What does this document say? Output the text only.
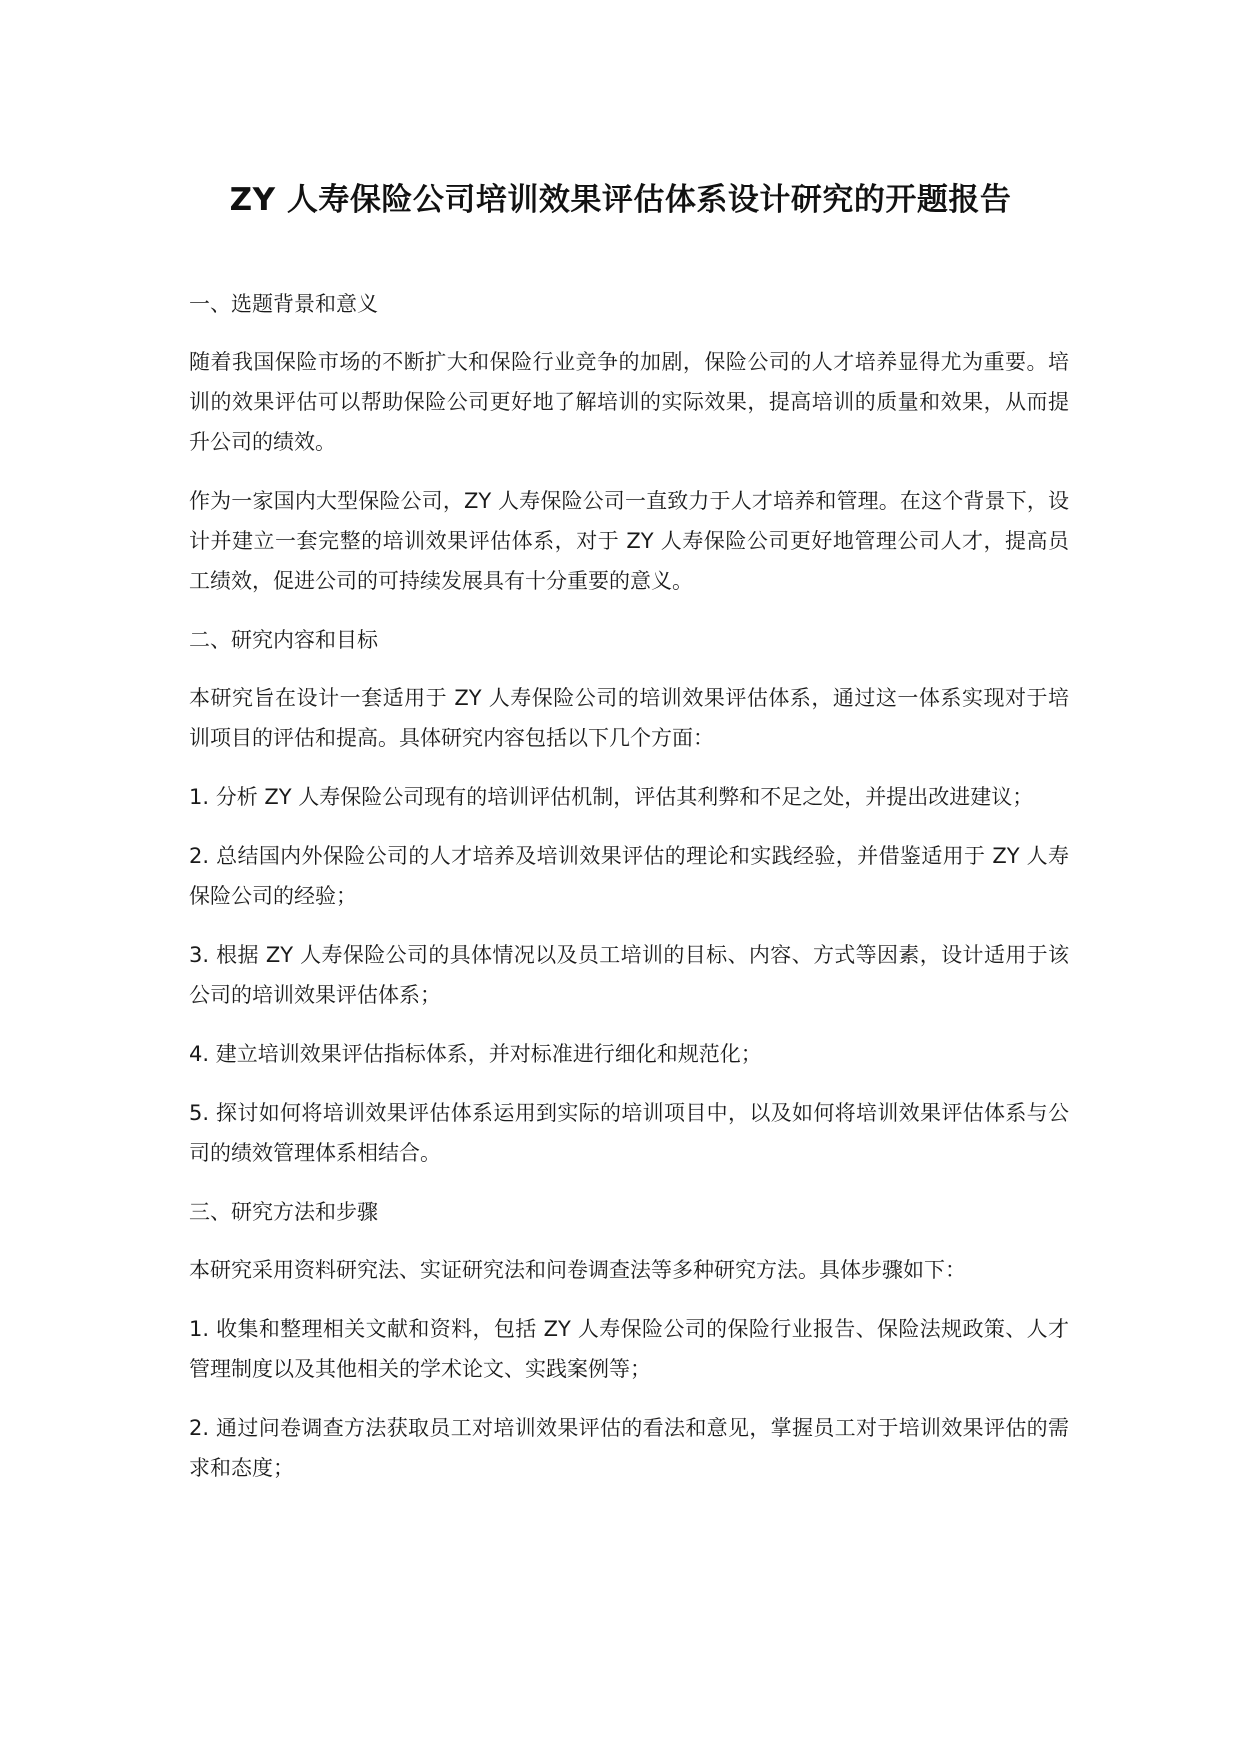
ZY 人寿保险公司培训效果评估体系设计研究的开题报告

一、选题背景和意义

随着我国保险市场的不断扩大和保险行业竞争的加剧，保险公司的人才培养显得尤为重要。培训的效果评估可以帮助保险公司更好地了解培训的实际效果，提高培训的质量和效果，从而提升公司的绩效。

作为一家国内大型保险公司，ZY 人寿保险公司一直致力于人才培养和管理。在这个背景下，设计并建立一套完整的培训效果评估体系，对于 ZY 人寿保险公司更好地管理公司人才，提高员工绩效，促进公司的可持续发展具有十分重要的意义。

二、研究内容和目标

本研究旨在设计一套适用于 ZY 人寿保险公司的培训效果评估体系，通过这一体系实现对于培训项目的评估和提高。具体研究内容包括以下几个方面：

1. 分析 ZY 人寿保险公司现有的培训评估机制，评估其利弊和不足之处，并提出改进建议；

2. 总结国内外保险公司的人才培养及培训效果评估的理论和实践经验，并借鉴适用于 ZY 人寿保险公司的经验；

3. 根据 ZY 人寿保险公司的具体情况以及员工培训的目标、内容、方式等因素，设计适用于该公司的培训效果评估体系；

4. 建立培训效果评估指标体系，并对标准进行细化和规范化；

5. 探讨如何将培训效果评估体系运用到实际的培训项目中，以及如何将培训效果评估体系与公司的绩效管理体系相结合。

三、研究方法和步骤

本研究采用资料研究法、实证研究法和问卷调查法等多种研究方法。具体步骤如下：

1. 收集和整理相关文献和资料，包括 ZY 人寿保险公司的保险行业报告、保险法规政策、人才管理制度以及其他相关的学术论文、实践案例等；

2. 通过问卷调查方法获取员工对培训效果评估的看法和意见，掌握员工对于培训效果评估的需求和态度；
